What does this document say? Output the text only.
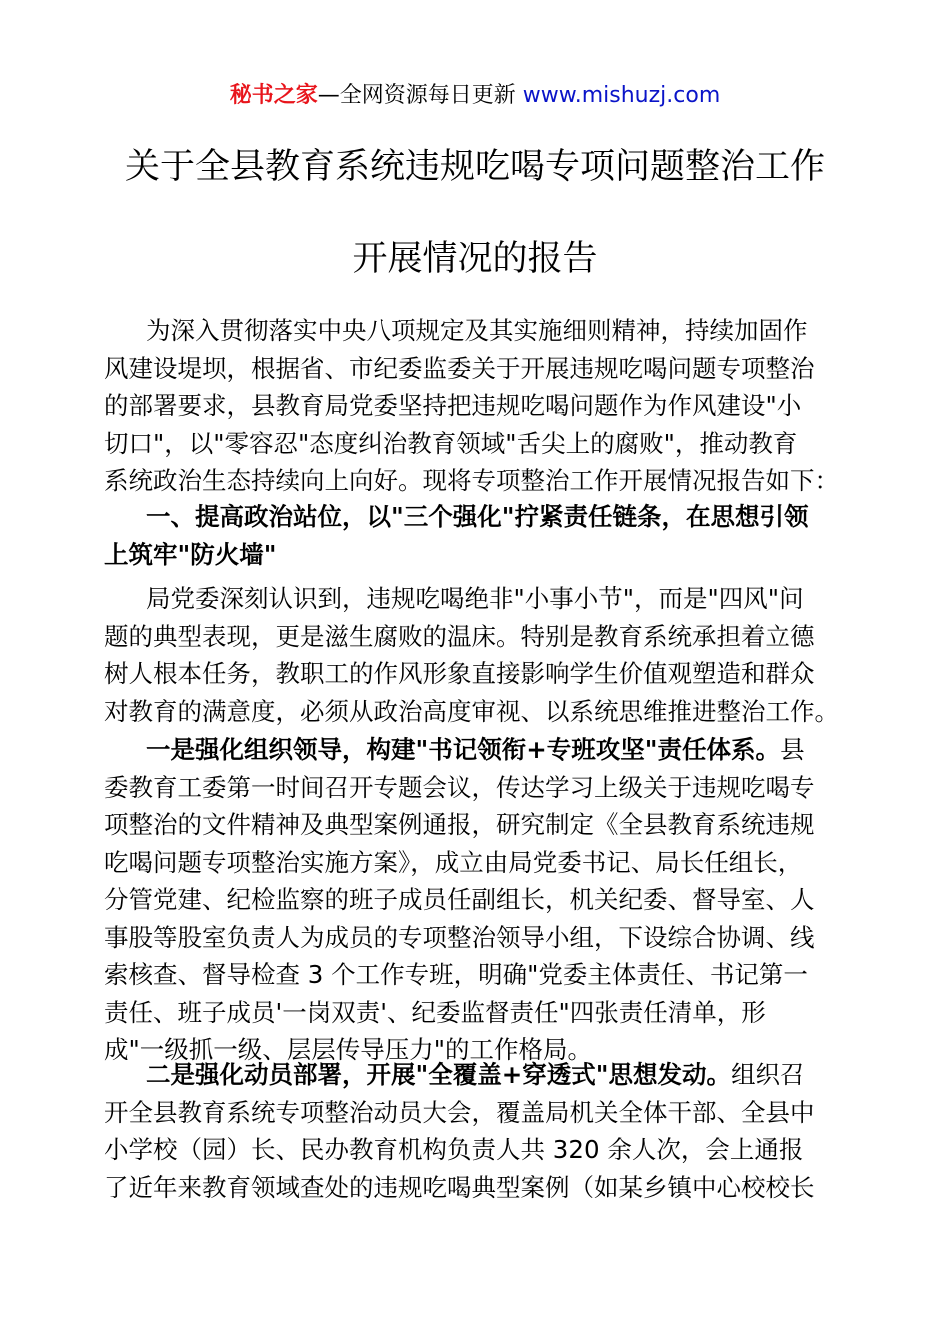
秘书之家—全网资源每日更新 www.mishuzj.com
关于全县教育系统违规吃喝专项问题整治工作
开展情况的报告
为深入贯彻落实中央八项规定及其实施细则精神，持续加固作
风建设堤坝，根据省、市纪委监委关于开展违规吃喝问题专项整治
的部署要求，县教育局党委坚持把违规吃喝问题作为作风建设"小
切口"，以"零容忍"态度纠治教育领域"舌尖上的腐败"，推动教育
系统政治生态持续向上向好。现将专项整治工作开展情况报告如下：
一、提高政治站位，以"三个强化"拧紧责任链条，在思想引领
上筑牢"防火墙"
局党委深刻认识到，违规吃喝绝非"小事小节"，而是"四风"问
题的典型表现，更是滋生腐败的温床。特别是教育系统承担着立德
树人根本任务，教职工的作风形象直接影响学生价值观塑造和群众
对教育的满意度，必须从政治高度审视、以系统思维推进整治工作。
一是强化组织领导，构建"书记领衔+专班攻坚"责任体系。县
委教育工委第一时间召开专题会议，传达学习上级关于违规吃喝专
项整治的文件精神及典型案例通报，研究制定《全县教育系统违规
吃喝问题专项整治实施方案》，成立由局党委书记、局长任组长，
分管党建、纪检监察的班子成员任副组长，机关纪委、督导室、人
事股等股室负责人为成员的专项整治领导小组，下设综合协调、线
索核查、督导检查 3 个工作专班，明确"党委主体责任、书记第一
责任、班子成员'一岗双责'、纪委监督责任"四张责任清单，形
成"一级抓一级、层层传导压力"的工作格局。
二是强化动员部署，开展"全覆盖+穿透式"思想发动。组织召
开全县教育系统专项整治动员大会，覆盖局机关全体干部、全县中
小学校（园）长、民办教育机构负责人共 320 余人次，会上通报
了近年来教育领域查处的违规吃喝典型案例（如某乡镇中心校校长
